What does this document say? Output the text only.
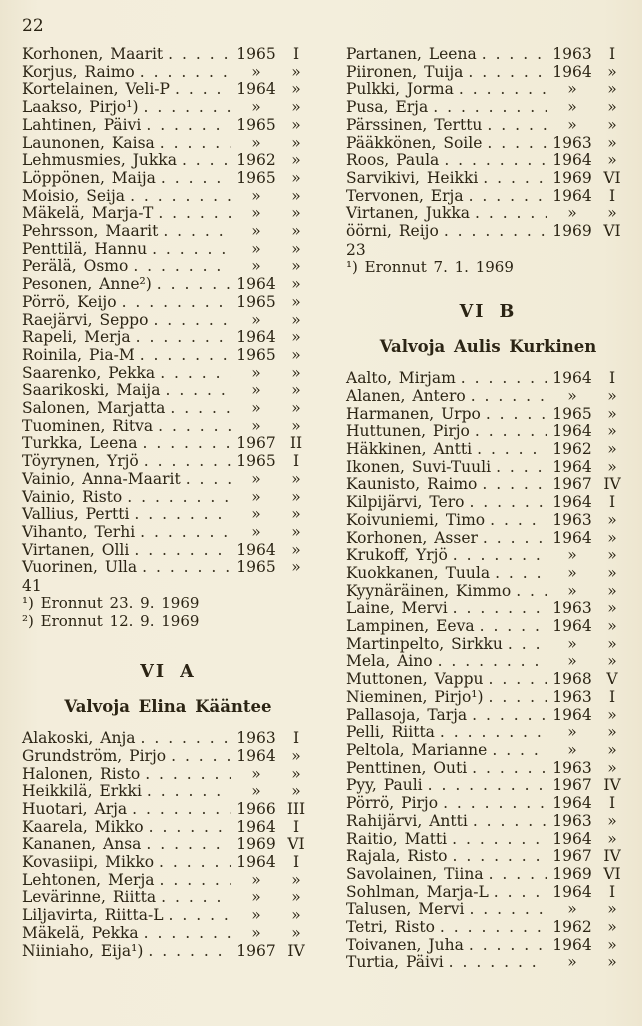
22
Korhonen, Maarit . . .	1965	I
Korjus, Raimo . . .	»	»
Kortelainen, Veli-P . . .	1964	»
Laakso, Pirjo¹) . . .	»	»
Lahtinen, Päivi . . .	1965	»
Launonen, Kaisa . . .	»	»
Lehmusmies, Jukka . . .	1962	»
Löppönen, Maija . . .	1965	»
Moisio, Seija . . .	»	»
Mäkelä, Marja-T . . .	»	»
Pehrsson, Maarit . . .	»	»
Penttilä, Hannu . . .	»	»
Perälä, Osmo . . .	»	»
Pesonen, Anne²) . . .	1964	»
Pörrö, Keijo . . .	1965	»
Raejärvi, Seppo . . .	»	»
Rapeli, Merja . . .	1964	»
Roinila, Pia-M . . .	1965	»
Saarenko, Pekka . . .	»	»
Saarikoski, Maija . . .	»	»
Salonen, Marjatta . . .	»	»
Tuominen, Ritva . . .	»	»
Turkka, Leena . . .	1967 II
Töyrynen, Yrjö . . .	1965	I
Vainio, Anna-Maarit . . .	»	»
Vainio, Risto . . .	»	»
Vallius, Pertti . . .	»	»
Vihanto, Terhi . . .	»	»
Virtanen, Olli . . .	1964	»
Vuorinen, Ulla . . .	1965	»
41
¹) Eronnut 23. 9. 1969
²) Eronnut 12. 9. 1969
VI A
Valvoja Elina Kääntee
Alakoski, Anja . . .	1963	I
Grundström, Pirjo . . .	1964	»
Halonen, Risto . . .	»	»
Heikkilä, Erkki . . .	»	»
Huotari, Arja . . .	1966 III
Kaarela, Mikko . . .	1964	I
Kananen, Ansa . . .	1969 VI
Kovasiipi, Mikko . . .	1964	I
Lehtonen, Merja . . .	»	»
Levärinne, Riitta . . .	»	»
Liljavirta, Riitta-L . . .	»	»
Mäkelä, Pekka . . .	»	»
Niiniaho, Eija¹) . . .	1967 IV
Partanen, Leena . . .	1963	I
Piironen, Tuija . . .	1964	»
Pulkki, Jorma . . .	»	»
Pusa, Erja . . .	»	»
Pärssinen, Terttu . . .	»	»
Pääkkönen, Soile . . .	1963	»
Roos, Paula . . .	1964	»
Sarvikivi, Heikki . . .	1969 VI
Tervonen, Erja . . .	1964	I
Virtanen, Jukka . . .	»	»
öörni, Reijo . . .	1969 VI
23
¹) Eronnut 7. 1. 1969
VI B
Valvoja Aulis Kurkinen
Aalto, Mirjam . . .	1964	I
Alanen, Antero . . .	»	»
Harmanen, Urpo . . .	1965	»
Huttunen, Pirjo . . .	1964	»
Häkkinen, Antti . . .	1962	»
Ikonen, Suvi-Tuuli . . .	1964	»
Kaunisto, Raimo . . .	1967 IV
Kilpijärvi, Tero . . .	1964	I
Koivuniemi, Timo . . .	1963	»
Korhonen, Asser . . .	1964	»
Krukoff, Yrjö . . .	»	»
Kuokkanen, Tuula . . .	»	»
Kyynäräinen, Kimmo . . .	»	»
Laine, Mervi . . .	1963	»
Lampinen, Eeva . . .	1964	»
Martinpelto, Sirkku . . .	»	»
Mela, Aino . . .	»	»
Muttonen, Vappu . . .	1968 V
Nieminen, Pirjo¹) . . .	1963	I
Pallasoja, Tarja . . .	1964	»
Pelli, Riitta . . .	»	»
Peltola, Marianne . . .	»	»
Penttinen, Outi . . .	1963	»
Pyy, Pauli . . .	1967 IV
Pörrö, Pirjo . . .	1964	I
Rahijärvi, Antti . . .	1963	»
Raitio, Matti . . .	1964	»
Rajala, Risto . . .	1967 IV
Savolainen, Tiina . . .	1969 VI
Sohlman, Marja-L . . .	1964	I
Talusen, Mervi . . .	»	»
Tetri, Risto . . .	1962	»
Toivanen, Juha . . .	1964	»
Turtia, Päivi . . .	»	»
